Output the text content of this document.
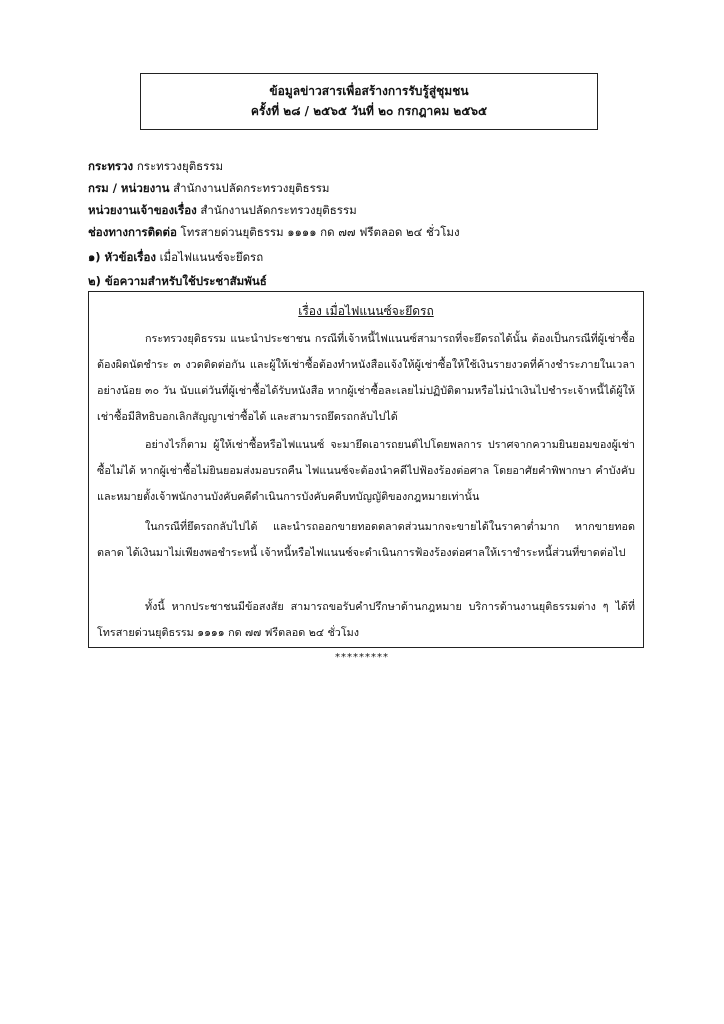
ข้อมูลข่าวสารเพื่อสร้างการรับรู้สู่ชุมชน
ครั้งที่ ๒๘ / ๒๕๖๕ วันที่ ๒๐ กรกฎาคม ๒๕๖๕
กระทรวง กระทรวงยุติธรรม
กรม / หน่วยงาน สำนักงานปลัดกระทรวงยุติธรรม
หน่วยงานเจ้าของเรื่อง สำนักงานปลัดกระทรวงยุติธรรม
ช่องทางการติดต่อ โทรสายด่วนยุติธรรม ๑๑๑๑ กด ๗๗ ฟรีตลอด ๒๔ ชั่วโมง
๑) หัวข้อเรื่อง เมื่อไฟแนนซ์จะยึดรถ
๒) ข้อความสำหรับใช้ประชาสัมพันธ์
เรื่อง เมื่อไฟแนนซ์จะยึดรถ

กระทรวงยุติธรรม แนะนำประชาชน กรณีที่เจ้าหนี้ไฟแนนซ์สามารถที่จะยึดรถได้นั้น ต้องเป็นกรณีที่ผู้เช่าซื้อต้องผิดนัดชำระ ๓ งวดติดต่อกัน และผู้ให้เช่าซื้อต้องทำหนังสือแจ้งให้ผู้เช่าซื้อให้ใช้เงินรายงวดที่ค้างชำระภายในเวลาอย่างน้อย ๓๐ วัน นับแต่วันที่ผู้เช่าซื้อได้รับหนังสือ หากผู้เช่าซื้อละเลยไม่ปฏิบัติตามหรือไม่นำเงินไปชำระเจ้าหนี้ได้ผู้ให้เช่าซื้อมีสิทธิบอกเลิกสัญญาเช่าซื้อได้ และสามารถยึดรถกลับไปได้

อย่างไรก็ตาม ผู้ให้เช่าซื้อหรือไฟแนนซ์ จะมายึดเอารถยนต์ไปโดยพลการ ปราศจากความยินยอมของผู้เช่าซื้อไม่ได้ หากผู้เช่าซื้อไม่ยินยอมส่งมอบรถคืน ไฟแนนซ์จะต้องนำคดีไปฟ้องร้องต่อศาล โดยอาศัยคำพิพากษา คำบังคับและหมายตั้งเจ้าพนักงานบังคับคดีดำเนินการบังคับคดีบทบัญญัติของกฎหมายเท่านั้น

ในกรณีที่ยึดรถกลับไปได้ และนำรถออกขายทอดตลาดส่วนมากจะขายได้ในราคาต่ำมาก หากขายทอดตลาด ได้เงินมาไม่เพียงพอชำระหนี้ เจ้าหนี้หรือไฟแนนซ์จะดำเนินการฟ้องร้องต่อศาลให้เราชำระหนี้ส่วนที่ขาดต่อไป

ทั้งนี้ หากประชาชนมีข้อสงสัย สามารถขอรับคำปรึกษาด้านกฎหมาย บริการด้านงานยุติธรรมต่าง ๆ ได้ที่โทรสายด่วนยุติธรรม ๑๑๑๑ กด ๗๗ ฟรีตลอด ๒๔ ชั่วโมง

*********
